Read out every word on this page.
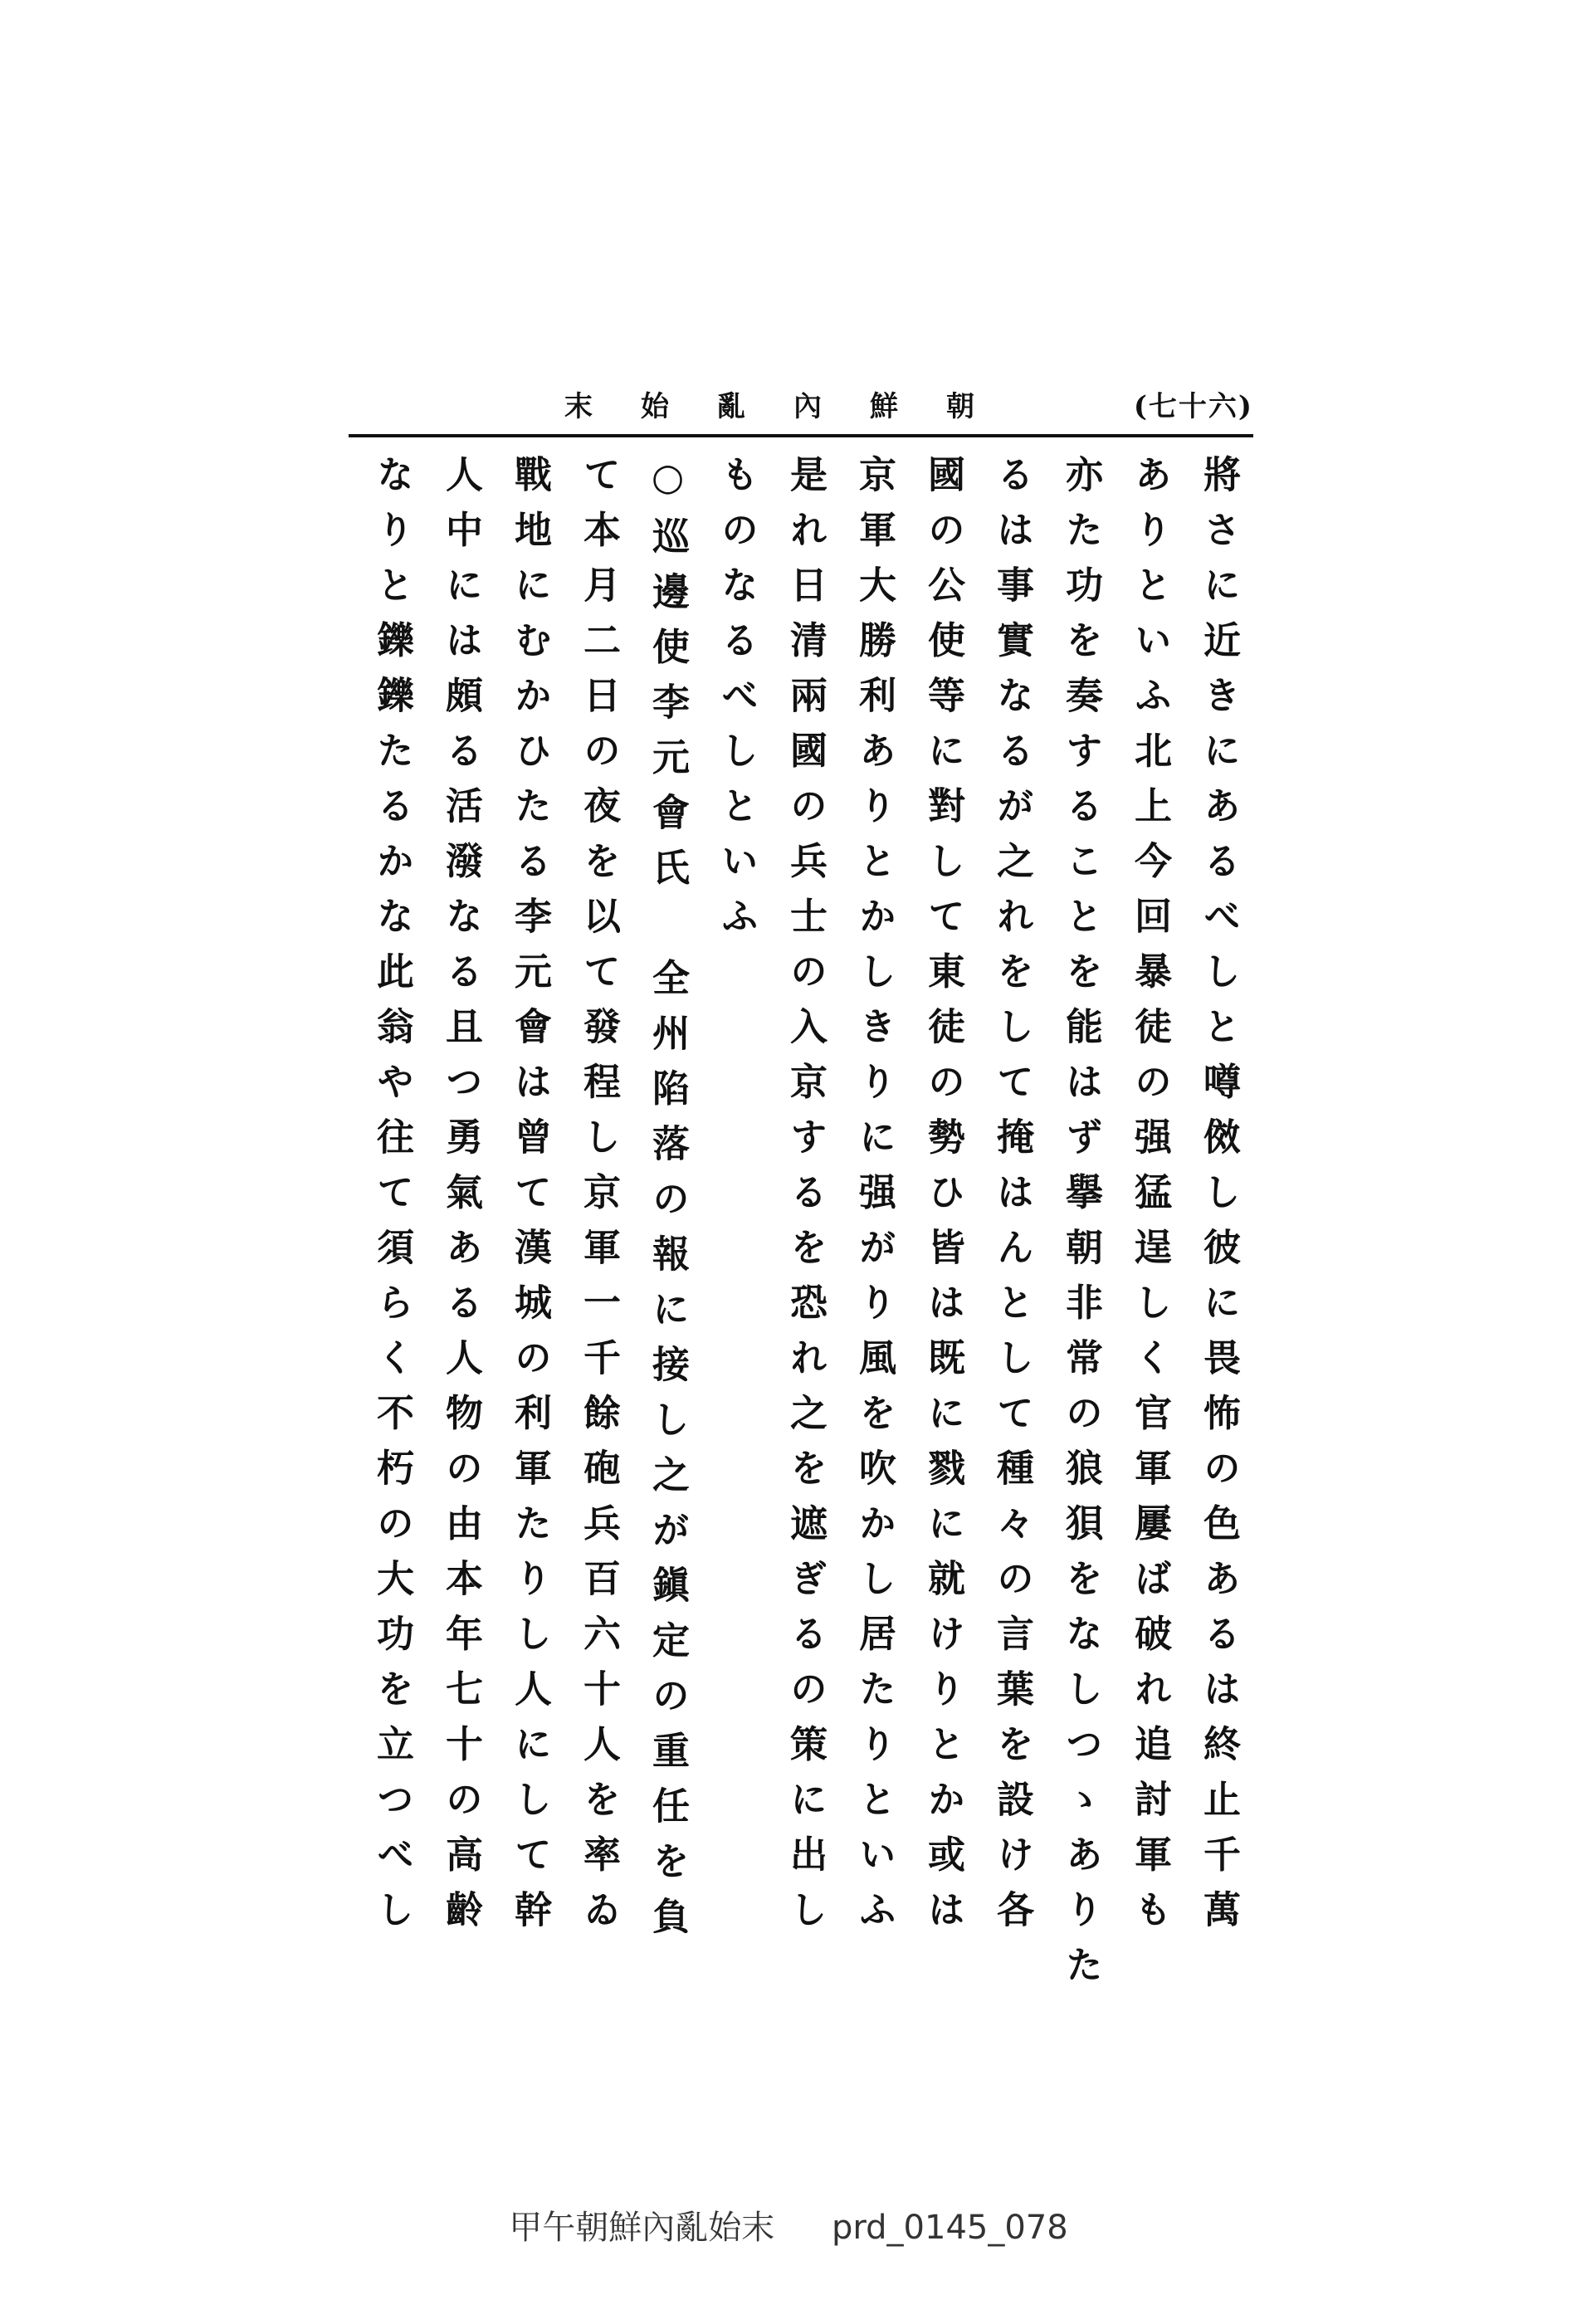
(七十六)
朝鮮內亂始末
將さに近きにあるべしと噂傚し彼に畏怖の色あるは終止千萬
ありといふ北上今回暴徒の强猛逞しく官軍屢ば破れ追討軍も
亦た功を奏することを能はず擧朝非常の狼狽をなしつゝありた
るは事實なるが之れをして掩はんとして種々の言葉を設け各
國の公使等に對して東徒の勢ひ皆は既に戮に就けりとか或は
京軍大勝利ありとかしきりに强がり風を吹かし居たりといふ
是れ日清兩國の兵士の入京するを恐れ之を遮ぎるの策に出し
ものなるべしといふ
○巡邊使李元會氏　全州陷落の報に接し之が鎭定の重任を負
て本月二日の夜を以て發程し京軍一千餘砲兵百六十人を率ゐ
戰地にむかひたる李元會は曾て漢城の利軍たりし人にして幹
人中には頗る活潑なる且つ勇氣ある人物の由本年七十の高齡
なりと鑠鑠たるかな此翁や往て須らく不朽の大功を立つべし
甲午朝鮮內亂始末 prd_0145_078
